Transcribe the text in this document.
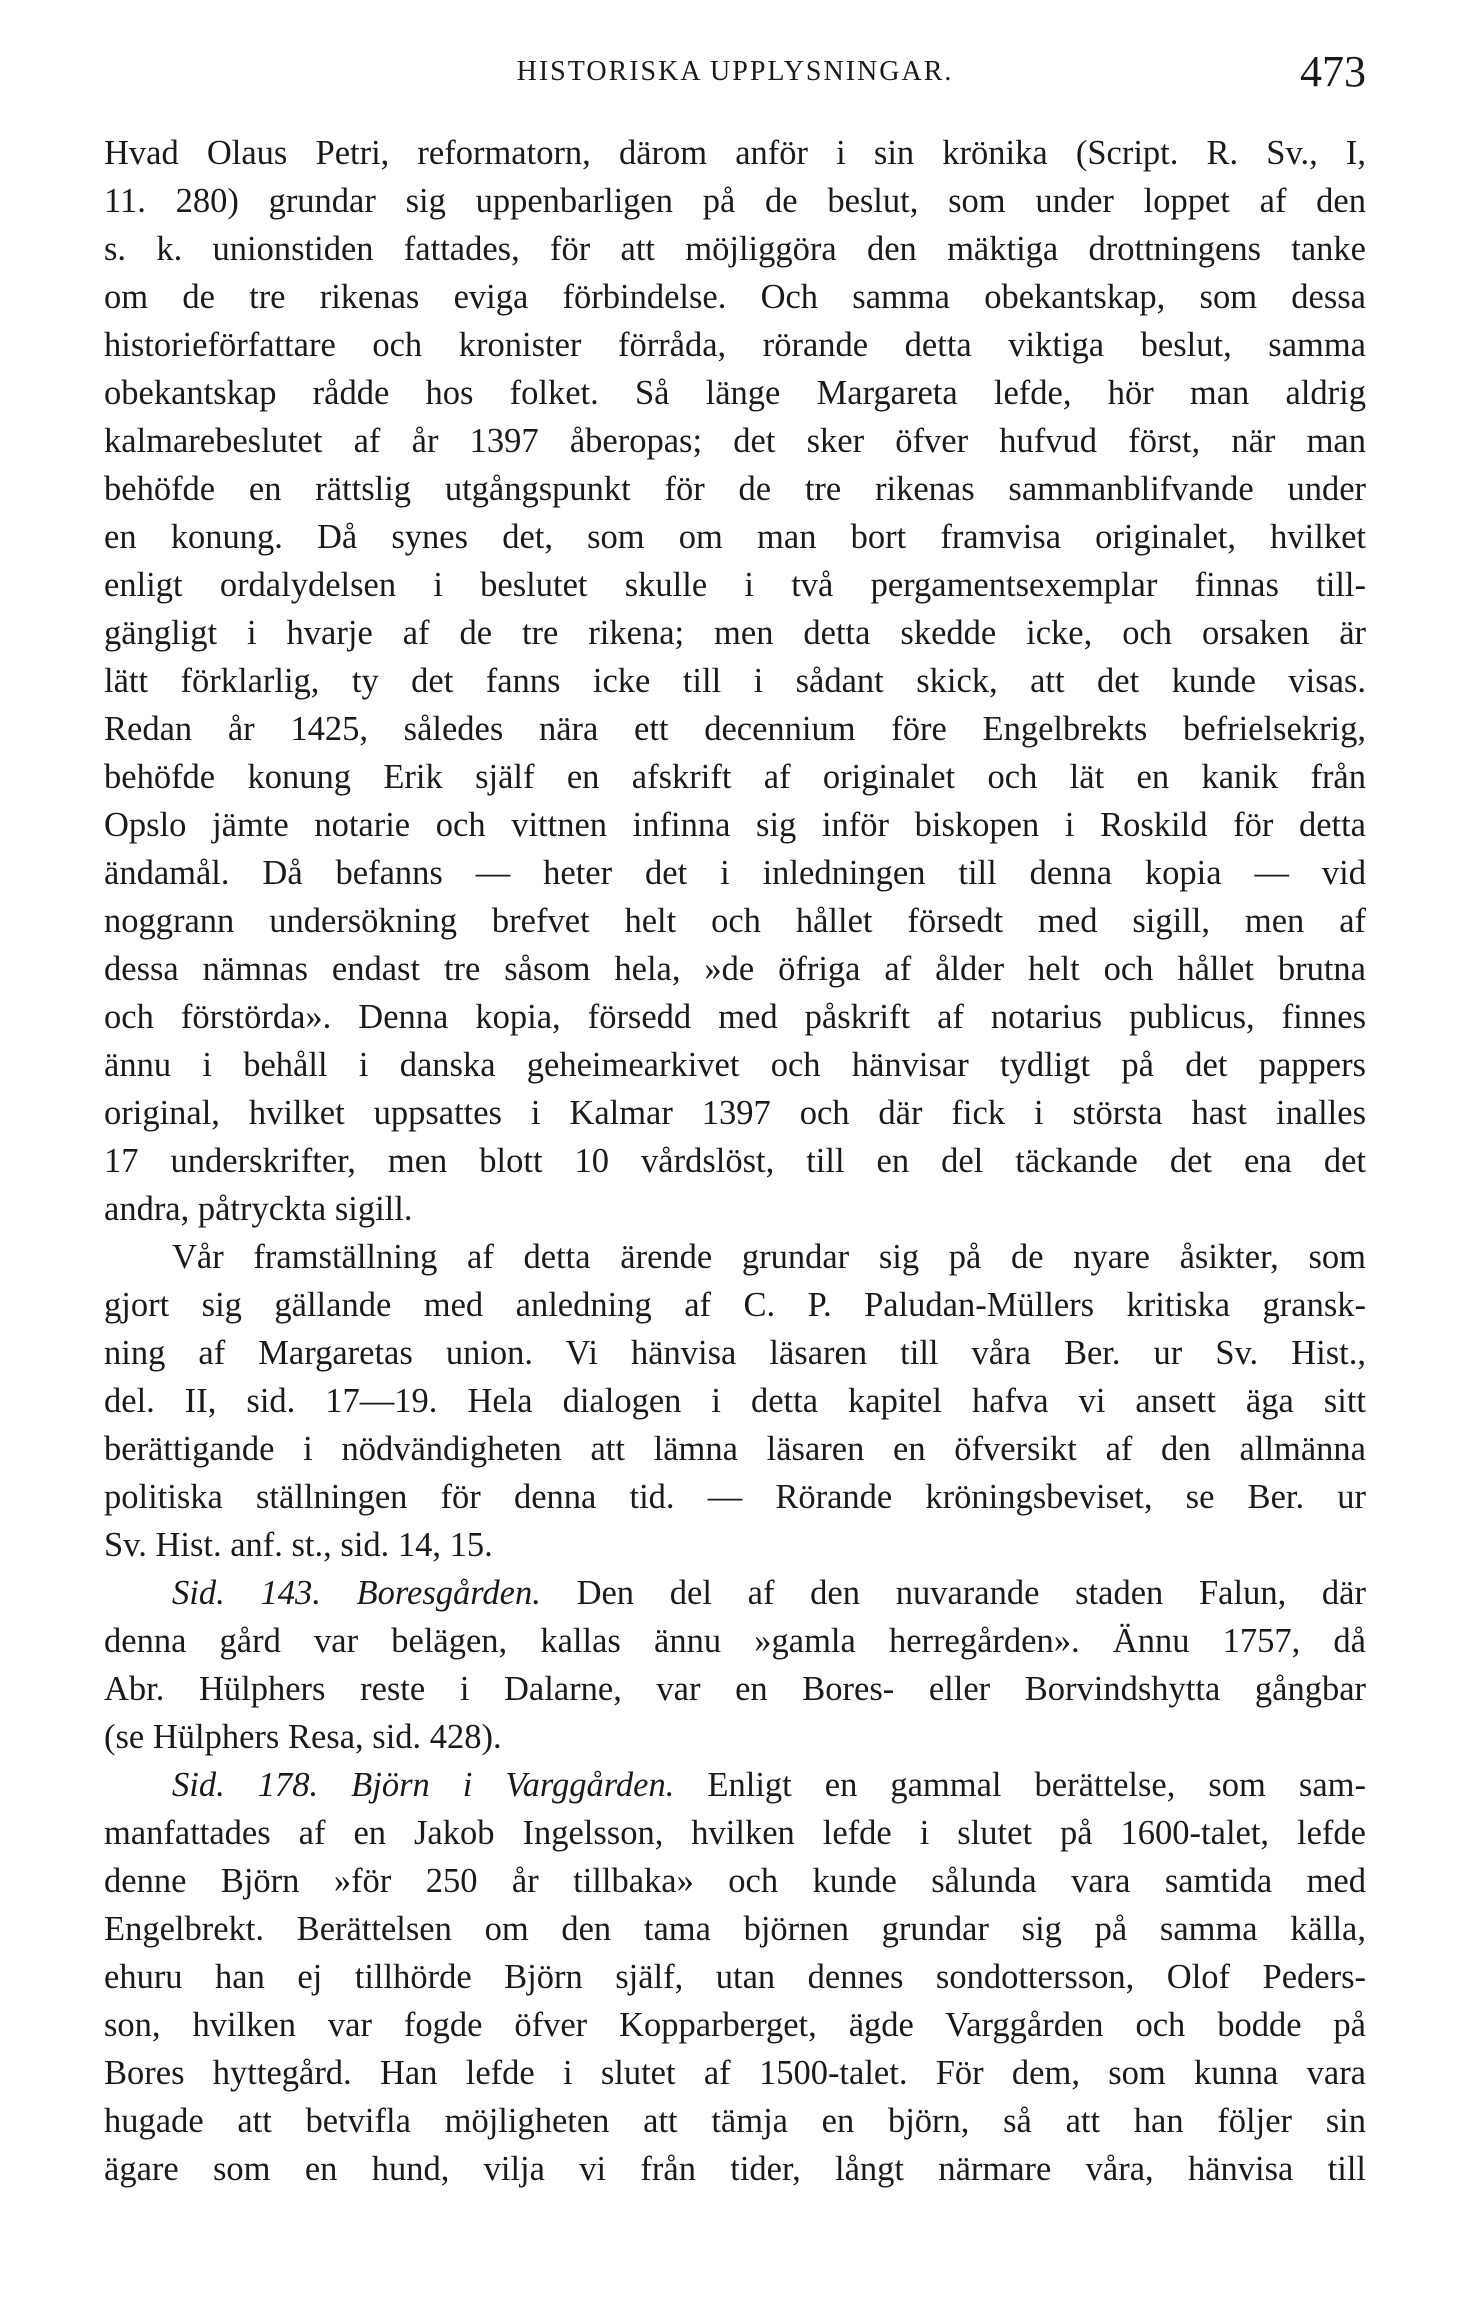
HISTORISKA UPPLYSNINGAR.	473
Hvad Olaus Petri, reformatorn, därom anför i sin krönika (Script. R. Sv., I,
11. 280) grundar sig uppenbarligen på de beslut, som under loppet af den
s. k. unionstiden fattades, för att möjliggöra den mäktiga drottningens tanke
om de tre rikenas eviga förbindelse. Och samma obekantskap, som dessa
historieförfattare och kronister förråda, rörande detta viktiga beslut, samma
obekantskap rådde hos folket. Så länge Margareta lefde, hör man aldrig
kalmarebeslutet af år 1397 åberopas; det sker öfver hufvud först, när man
behöfde en rättslig utgångspunkt för de tre rikenas sammanblifvande under
en konung. Då synes det, som om man bort framvisa originalet, hvilket
enligt ordalydelsen i beslutet skulle i två pergamentsexemplar finnas till-
gängligt i hvarje af de tre rikena; men detta skedde icke, och orsaken är
lätt förklarlig, ty det fanns icke till i sådant skick, att det kunde visas.
Redan år 1425, således nära ett decennium före Engelbrekts befrielsekrig,
behöfde konung Erik själf en afskrift af originalet och lät en kanik från
Opslo jämte notarie och vittnen infinna sig inför biskopen i Roskild för detta
ändamål. Då befanns — heter det i inledningen till denna kopia — vid
noggrann undersökning brefvet helt och hållet försedt med sigill, men af
dessa nämnas endast tre såsom hela, »de öfriga af ålder helt och hållet brutna
och förstörda». Denna kopia, försedd med påskrift af notarius publicus, finnes
ännu i behåll i danska geheimearkivet och hänvisar tydligt på det pappers
original, hvilket uppsattes i Kalmar 1397 och där fick i största hast inalles
17 underskrifter, men blott 10 vårdslöst, till en del täckande det ena det
andra, påtryckta sigill.
Vår framställning af detta ärende grundar sig på de nyare åsikter, som
gjort sig gällande med anledning af C. P. Paludan-Müllers kritiska gransk-
ning af Margaretas union. Vi hänvisa läsaren till våra Ber. ur Sv. Hist.,
del. II, sid. 17—19. Hela dialogen i detta kapitel hafva vi ansett äga sitt
berättigande i nödvändigheten att lämna läsaren en öfversikt af den allmänna
politiska ställningen för denna tid. — Rörande kröningsbeviset, se Ber. ur
Sv. Hist. anf. st., sid. 14, 15.
Sid. 143. Boresgården. Den del af den nuvarande staden Falun, där
denna gård var belägen, kallas ännu »gamla herregården». Ännu 1757, då
Abr. Hülphers reste i Dalarne, var en Bores- eller Borvindshytta gångbar
(se Hülphers Resa, sid. 428).
Sid. 178. Björn i Varggården. Enligt en gammal berättelse, som sam-
manfattades af en Jakob Ingelsson, hvilken lefde i slutet på 1600-talet, lefde
denne Björn »för 250 år tillbaka» och kunde sålunda vara samtida med
Engelbrekt. Berättelsen om den tama björnen grundar sig på samma källa,
ehuru han ej tillhörde Björn själf, utan dennes sondottersson, Olof Peders-
son, hvilken var fogde öfver Kopparberget, ägde Varggården och bodde på
Bores hyttegård. Han lefde i slutet af 1500-talet. För dem, som kunna vara
hugade att betvifla möjligheten att tämja en björn, så att han följer sin
ägare som en hund, vilja vi från tider, långt närmare våra, hänvisa till
